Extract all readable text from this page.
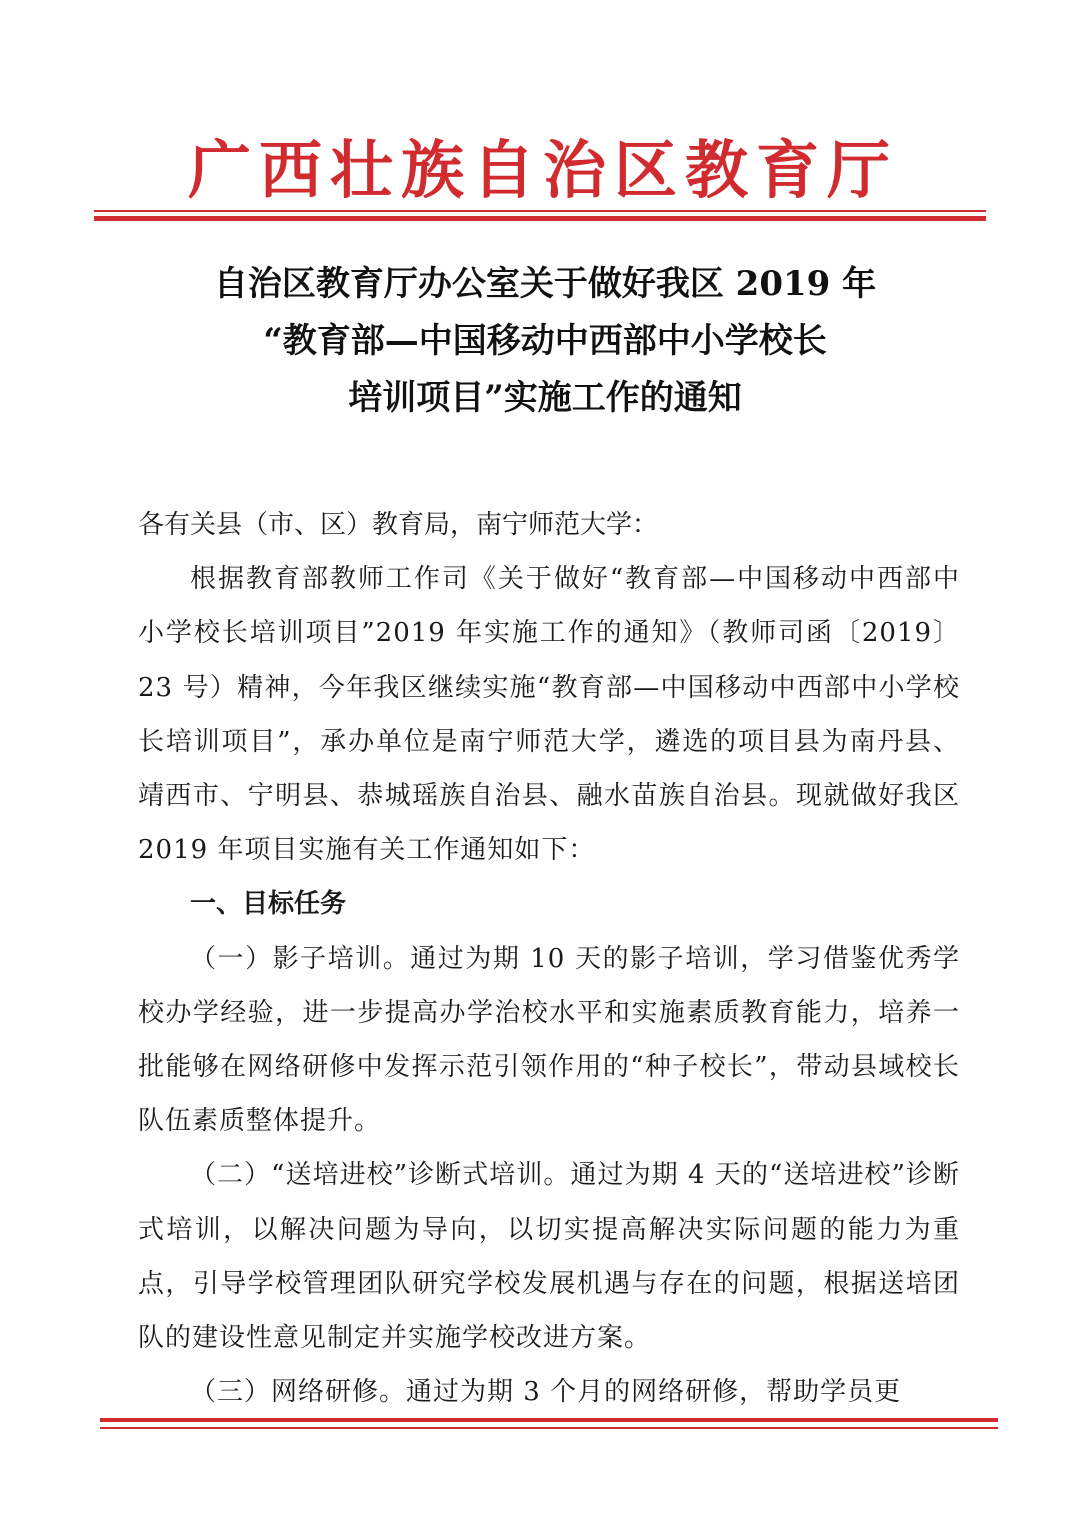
广西壮族自治区教育厅
自治区教育厅办公室关于做好我区 2019 年
“教育部—中国移动中西部中小学校长
培训项目”实施工作的通知
各有关县（市、区）教育局，南宁师范大学：
根据教育部教师工作司《关于做好“教育部—中国移动中西部中小学校长培训项目”2019 年实施工作的通知》（教师司函〔2019〕23 号）精神，今年我区继续实施“教育部—中国移动中西部中小学校长培训项目”，承办单位是南宁师范大学，遴选的项目县为南丹县、靖西市、宁明县、恭城瑶族自治县、融水苗族自治县。现就做好我区 2019 年项目实施有关工作通知如下：
一、目标任务
（一）影子培训。通过为期 10 天的影子培训，学习借鉴优秀学校办学经验，进一步提高办学治校水平和实施素质教育能力，培养一批能够在网络研修中发挥示范引领作用的“种子校长”，带动县域校长队伍素质整体提升。
（二）“送培进校”诊断式培训。通过为期 4 天的“送培进校”诊断式培训，以解决问题为导向，以切实提高解决实际问题的能力为重点，引导学校管理团队研究学校发展机遇与存在的问题，根据送培团队的建设性意见制定并实施学校改进方案。
（三）网络研修。通过为期 3 个月的网络研修，帮助学员更
